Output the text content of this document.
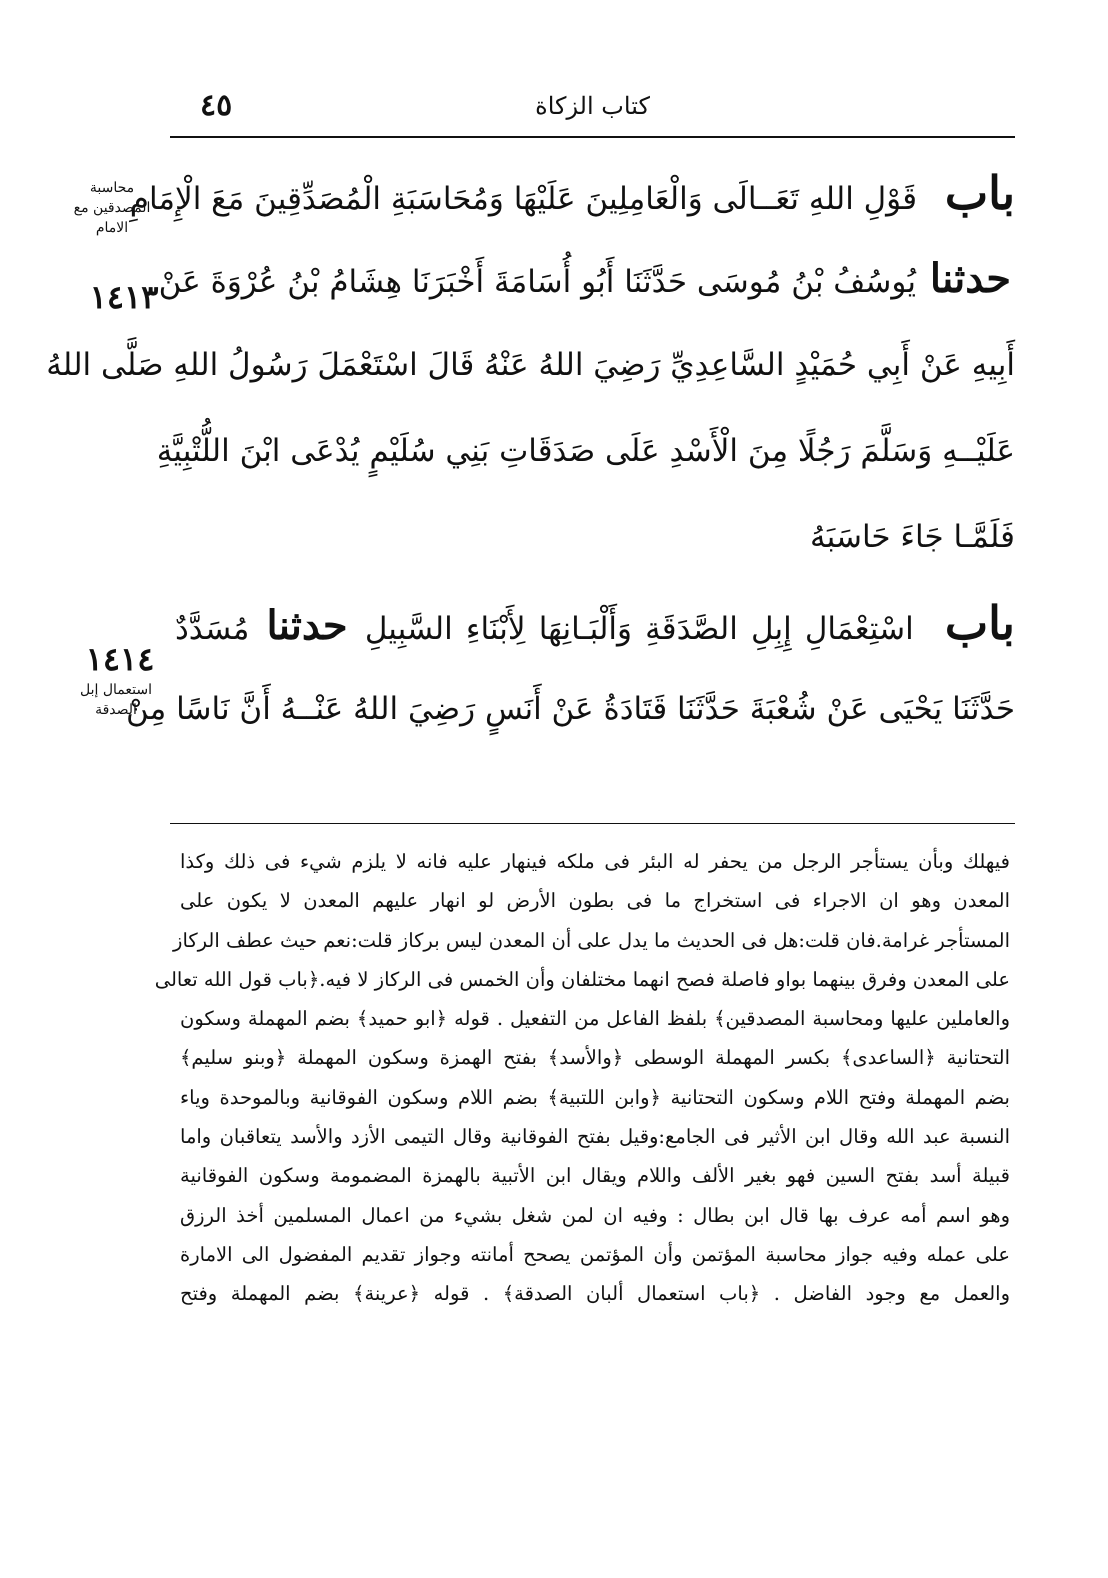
٤٥	كتاب الزكاة
محاسبة المصدقين مع الامام
١٤١٣
١٤١٤
استعمال إبل الصدقة
باب قَوْلِ اللهِ تَعَــالَى وَالْعَامِلِينَ عَلَيْهَا وَمُحَاسَبَةِ الْمُصَدِّقِينَ مَعَ الْإِمَامِ
حدثنا يُوسُفُ بْنُ مُوسَى حَدَّثَنَا أَبُو أُسَامَةَ أَخْبَرَنَا هِشَامُ بْنُ عُرْوَةَ عَنْ
أَبِيهِ عَنْ أَبِي حُمَيْدٍ السَّاعِدِيِّ رَضِيَ اللهُ عَنْهُ قَالَ اسْتَعْمَلَ رَسُولُ اللهِ صَلَّى اللهُ
عَلَيْــهِ وَسَلَّمَ رَجُلًا مِنَ الْأَسْدِ عَلَى صَدَقَاتِ بَنِي سُلَيْمٍ يُدْعَى ابْنَ اللُّتْبِيَّةِ
فَلَمَّـا جَاءَ حَاسَبَهُ
باب اسْتِعْمَالِ إِبِلِ الصَّدَقَةِ وَأَلْبَـانِهَا لِأَبْنَاءِ السَّبِيلِ حدثنا مُسَدَّدٌ
حَدَّثَنَا يَحْيَى عَنْ شُعْبَةَ حَدَّثَنَا قَتَادَةُ عَنْ أَنَسٍ رَضِيَ اللهُ عَنْــهُ أَنَّ نَاسًا مِنْ
فيهلك وبأن يستأجر الرجل من يحفر له البئر فى ملكه فينهار عليه فانه لا يلزم شيء فى ذلك وكذا
المعدن وهو ان الاجراء فى استخراج ما فى بطون الأرض لو انهار عليهم المعدن لا يكون على
المستأجر غرامة.فان قلت:هل فى الحديث ما يدل على أن المعدن ليس بركاز قلت:نعم حيث عطف الركاز
على المعدن وفرق بينهما بواو فاصلة فصح انهما مختلفان وأن الخمس فى الركاز لا فيه.﴿باب قول الله تعالى
والعاملين عليها ومحاسبة المصدقين﴾ بلفظ الفاعل من التفعيل . قوله ﴿ابو حميد﴾ بضم المهملة وسكون
التحتانية ﴿الساعدى﴾ بكسر المهملة الوسطى ﴿والأسد﴾ بفتح الهمزة وسكون المهملة ﴿وبنو سليم﴾
بضم المهملة وفتح اللام وسكون التحتانية ﴿وابن اللتبية﴾ بضم اللام وسكون الفوقانية وبالموحدة وياء
النسبة عبد الله وقال ابن الأثير فى الجامع:وقيل بفتح الفوقانية وقال التيمى الأزد والأسد يتعاقبان واما
قبيلة أسد بفتح السين فهو بغير الألف واللام ويقال ابن الأتبية بالهمزة المضمومة وسكون الفوقانية
وهو اسم أمه عرف بها قال ابن بطال : وفيه ان لمن شغل بشيء من اعمال المسلمين أخذ الرزق
على عمله وفيه جواز محاسبة المؤتمن وأن المؤتمن يصحح أمانته وجواز تقديم المفضول الى الامارة
والعمل مع وجود الفاضل . ﴿باب استعمال ألبان الصدقة﴾ . قوله ﴿عرينة﴾ بضم المهملة وفتح
